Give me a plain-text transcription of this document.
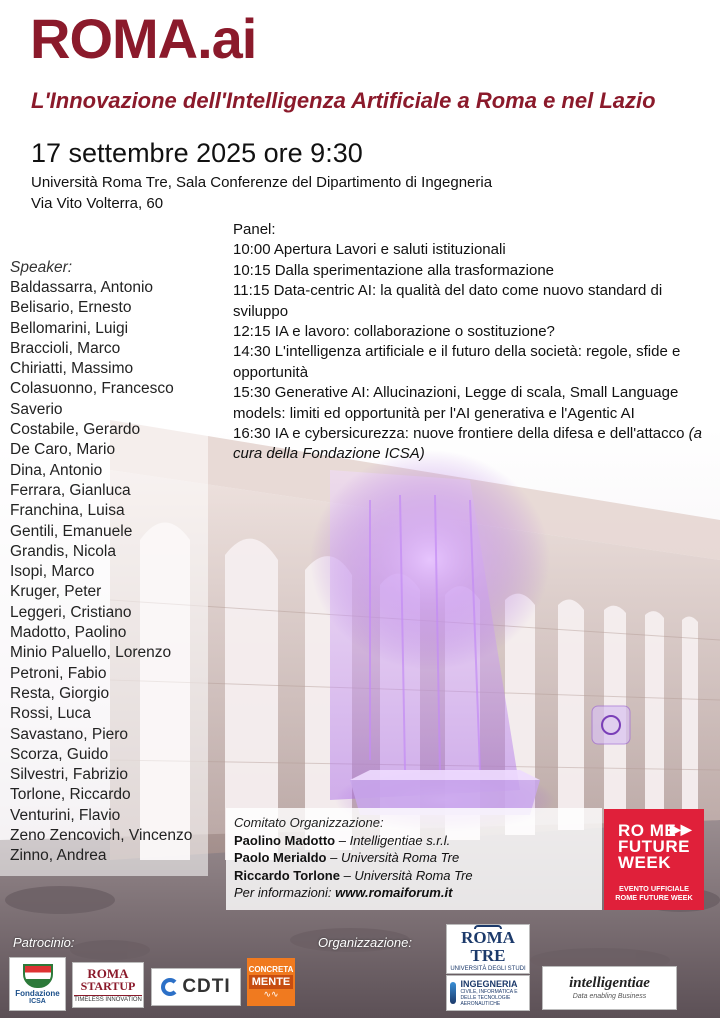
ROMA.ai
L'Innovazione dell'Intelligenza Artificiale a Roma e nel Lazio
17 settembre 2025 ore 9:30
Università Roma Tre, Sala Conferenze del Dipartimento di Ingegneria
Via Vito Volterra, 60
Speaker:
Baldassarra, Antonio
Belisario, Ernesto
Bellomarini, Luigi
Bracciolі, Marco
Chiriatti, Massimo
Colasuonno, Francesco
Saverio
Costabile, Gerardo
De Caro, Mario
Dina, Antonio
Ferrara, Gianluca
Franchina, Luisa
Gentili, Emanuele
Grandis, Nicola
Isopi, Marco
Kruger, Peter
Leggeri, Cristiano
Madotto, Paolino
Minio Paluello, Lorenzo
Petroni, Fabio
Resta, Giorgio
Rossi, Luca
Savastano, Piero
Scorza, Guido
Silvestri, Fabrizio
Torlone, Riccardo
Venturini, Flavio
Zeno Zencovich, Vincenzo
Zinno, Andrea
Panel:
10:00 Apertura Lavori e saluti istituzionali
10:15 Dalla sperimentazione alla trasformazione
11:15 Data-centric AI: la qualità del dato come nuovo standard di sviluppo
12:15 IA e lavoro: collaborazione o sostituzione?
14:30 L'intelligenza artificiale e il futuro della società: regole, sfide e opportunità
15:30 Generative AI: Allucinazioni, Legge di scala, Small Language models: limiti ed opportunità per l'AI generativa e l'Agentic AI
16:30 IA e cybersicurezza: nuove frontiere della difesa e dell'attacco (a cura della Fondazione ICSA)
Comitato Organizzazione:
Paolino Madotto – Intelligentiae s.r.l.
Paolo Merialdo – Università Roma Tre
Riccardo Torlone – Università Roma Tre
Per informazioni: www.romaiforum.it
RO ME
FUTURE
WEEK
▶▶
EVENTO UFFICIALE
ROME FUTURE WEEK
Patrocinio:	Organizzazione:
Fondazione
ICSA
ROMA
STARTUP
TIMELESS INNOVATION
CDTI
CONCRETA
MENTE
∿∿
ROMA TRE
UNIVERSITÀ DEGLI STUDI
INGEGNERIA
CIVILE, INFORMATICA E DELLE TECNOLOGIE AERONAUTICHE
intelligentiae
Data enabling Business
